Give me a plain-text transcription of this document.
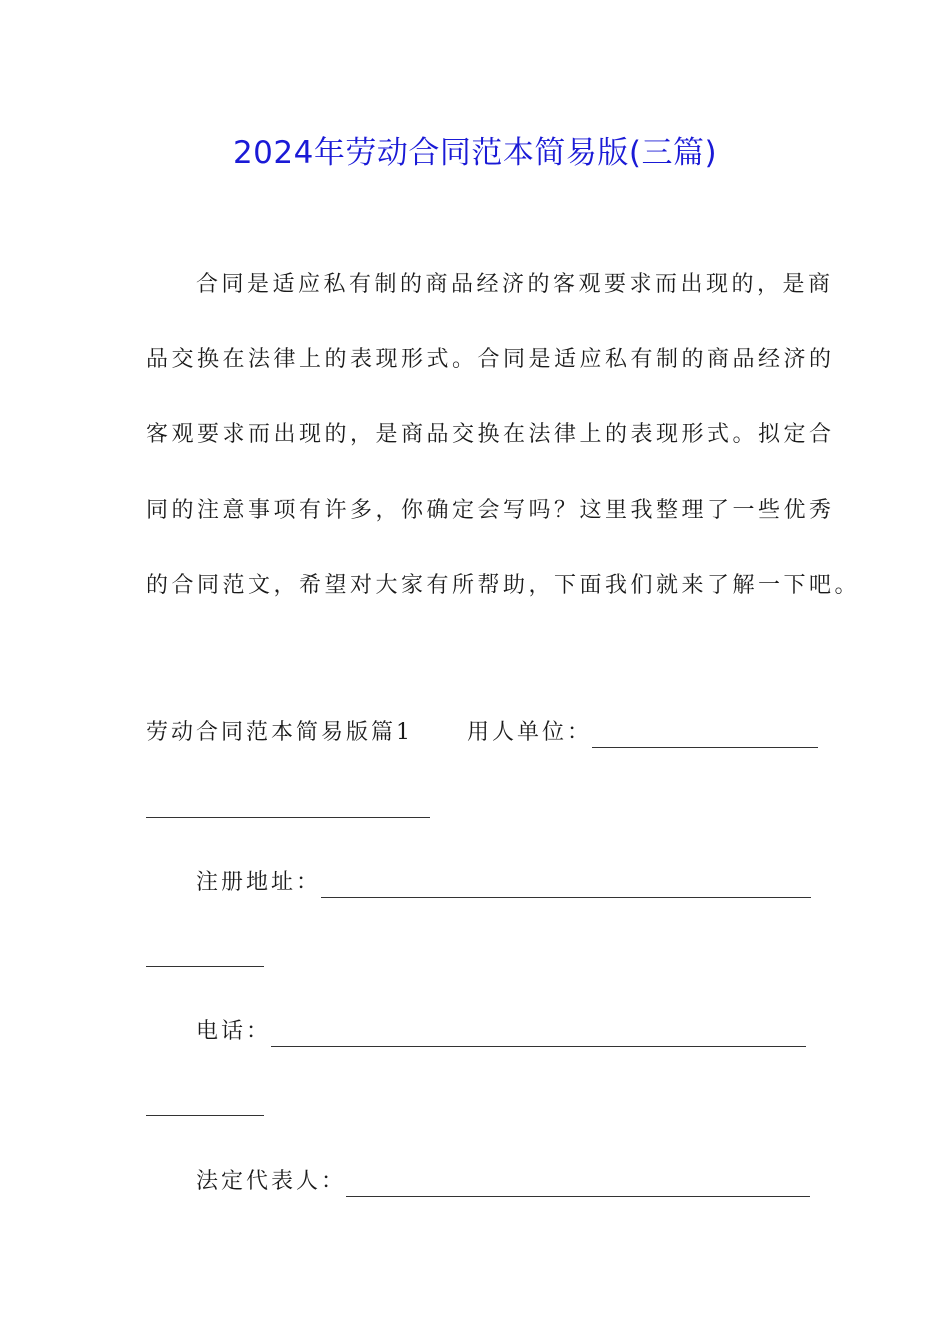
2024年劳动合同范本简易版(三篇)
合同是适应私有制的商品经济的客观要求而出现的，是商
品交换在法律上的表现形式。合同是适应私有制的商品经济的
客观要求而出现的，是商品交换在法律上的表现形式。拟定合
同的注意事项有许多，你确定会写吗？这里我整理了一些优秀
的合同范文，希望对大家有所帮助，下面我们就来了解一下吧。
劳动合同范本简易版篇1 用人单位：
注册地址：
电话：
法定代表人：
